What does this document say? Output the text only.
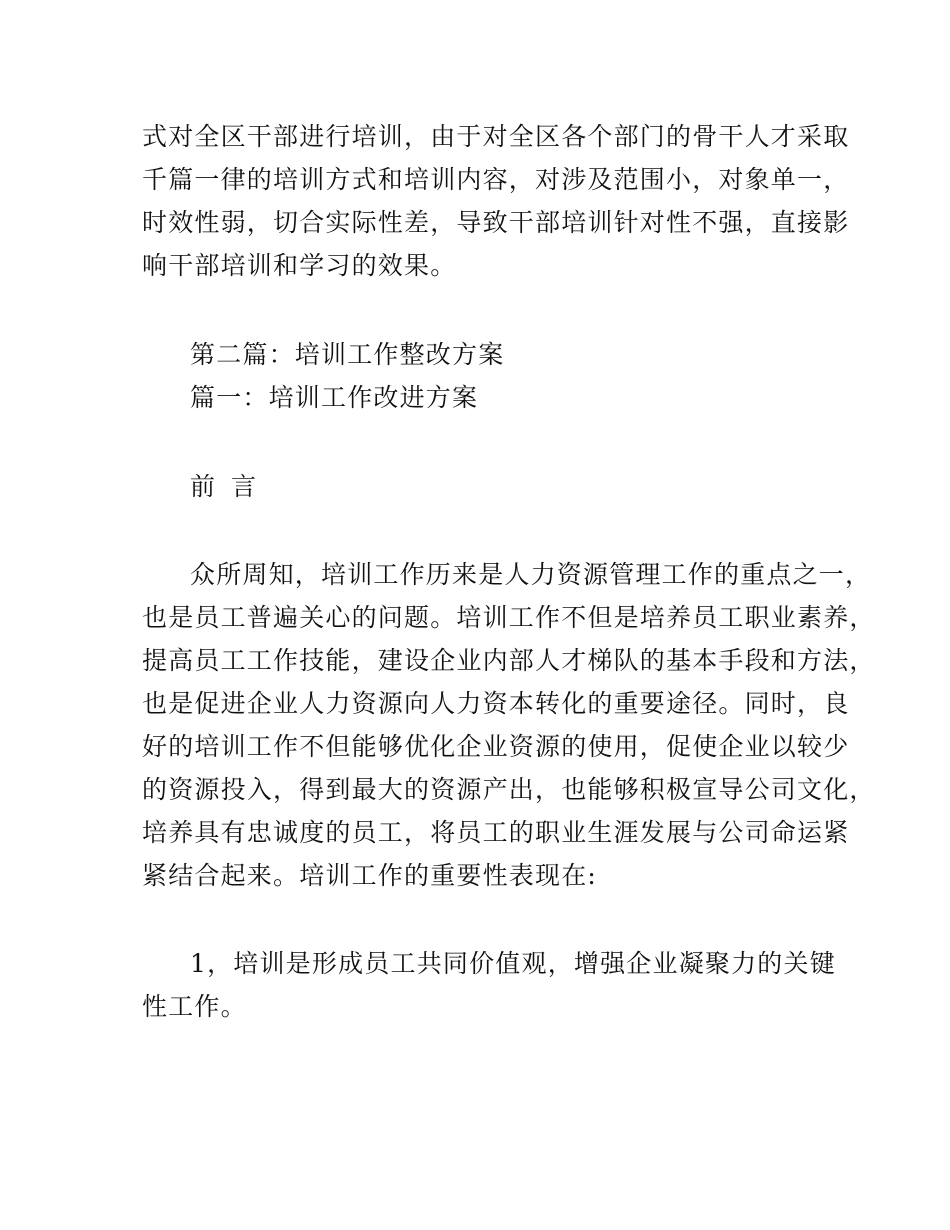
式对全区干部进行培训，由于对全区各个部门的骨干人才采取
千篇一律的培训方式和培训内容，对涉及范围小，对象单一，
时效性弱，切合实际性差，导致干部培训针对性不强，直接影
响干部培训和学习的效果。
第二篇：培训工作整改方案
篇一：培训工作改进方案
前 言
众所周知，培训工作历来是人力资源管理工作的重点之一，
也是员工普遍关心的问题。培训工作不但是培养员工职业素养，
提高员工工作技能，建设企业内部人才梯队的基本手段和方法，
也是促进企业人力资源向人力资本转化的重要途径。同时，良
好的培训工作不但能够优化企业资源的使用，促使企业以较少
的资源投入，得到最大的资源产出，也能够积极宣导公司文化，
培养具有忠诚度的员工，将员工的职业生涯发展与公司命运紧
紧结合起来。培训工作的重要性表现在:
1，培训是形成员工共同价值观，增强企业凝聚力的关键
性工作。
